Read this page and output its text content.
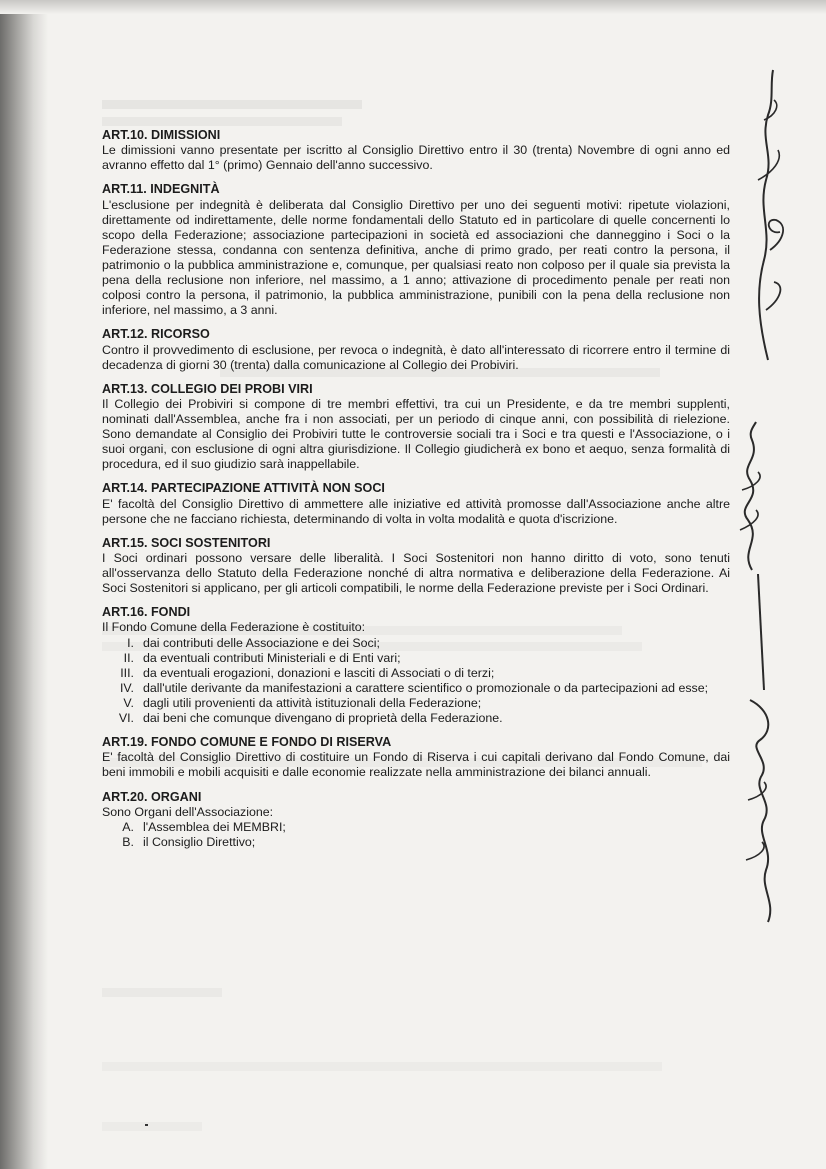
ART.10. DIMISSIONI

Le dimissioni vanno presentate per iscritto al Consiglio Direttivo entro il 30 (trenta) Novembre di ogni anno ed avranno effetto dal 1° (primo) Gennaio dell'anno successivo.

ART.11. INDEGNITÀ

L'esclusione per indegnità è deliberata dal Consiglio Direttivo per uno dei seguenti motivi: ripetute violazioni, direttamente od indirettamente, delle norme fondamentali dello Statuto ed in particolare di quelle concernenti lo scopo della Federazione; associazione partecipazioni in società ed associazioni che danneggino i Soci o la Federazione stessa, condanna con sentenza definitiva, anche di primo grado, per reati contro la persona, il patrimonio o la pubblica amministrazione e, comunque, per qualsiasi reato non colposo per il quale sia prevista la pena della reclusione non inferiore, nel massimo, a 1 anno; attivazione di procedimento penale per reati non colposi contro la persona, il patrimonio, la pubblica amministrazione, punibili con la pena della reclusione non inferiore, nel massimo, a 3 anni.

ART.12. RICORSO

Contro il provvedimento di esclusione, per revoca o indegnità, è dato all'interessato di ricorrere entro il termine di decadenza di giorni 30 (trenta) dalla comunicazione al Collegio dei Probiviri.

ART.13. COLLEGIO DEI PROBI VIRI

Il Collegio dei Probiviri si compone di tre membri effettivi, tra cui un Presidente, e da tre membri supplenti, nominati dall'Assemblea, anche fra i non associati, per un periodo di cinque anni, con possibilità di rielezione. Sono demandate al Consiglio dei Probiviri tutte le controversie sociali tra i Soci e tra questi e l'Associazione, o i suoi organi, con esclusione di ogni altra giurisdizione. Il Collegio giudicherà ex bono et aequo, senza formalità di procedura, ed il suo giudizio sarà inappellabile.

ART.14. PARTECIPAZIONE ATTIVITÀ NON SOCI

E' facoltà del Consiglio Direttivo di ammettere alle iniziative ed attività promosse dall'Associazione anche altre persone che ne facciano richiesta, determinando di volta in volta modalità e quota d'iscrizione.

ART.15. SOCI SOSTENITORI

I Soci ordinari possono versare delle liberalità. I Soci Sostenitori non hanno diritto di voto, sono tenuti all'osservanza dello Statuto della Federazione nonché di altra normativa e deliberazione della Federazione. Ai Soci Sostenitori si applicano, per gli articoli compatibili, le norme della Federazione previste per i Soci Ordinari.

ART.16. FONDI

Il Fondo Comune della Federazione è costituito:

I. dai contributi delle Associazione e dei Soci;
II. da eventuali contributi Ministeriali e di Enti vari;
III. da eventuali erogazioni, donazioni e lasciti di Associati o di terzi;
IV. dall'utile derivante da manifestazioni a carattere scientifico o promozionale o da partecipazioni ad esse;
V. dagli utili provenienti da attività istituzionali della Federazione;
VI. dai beni che comunque divengano di proprietà della Federazione.
ART.19. FONDO COMUNE E FONDO DI RISERVA

E' facoltà del Consiglio Direttivo di costituire un Fondo di Riserva i cui capitali derivano dal Fondo Comune, dai beni immobili e mobili acquisiti e dalle economie realizzate nella amministrazione dei bilanci annuali.

ART.20. ORGANI

Sono Organi dell'Associazione:

A. l'Assemblea dei MEMBRI;
B. il Consiglio Direttivo;
